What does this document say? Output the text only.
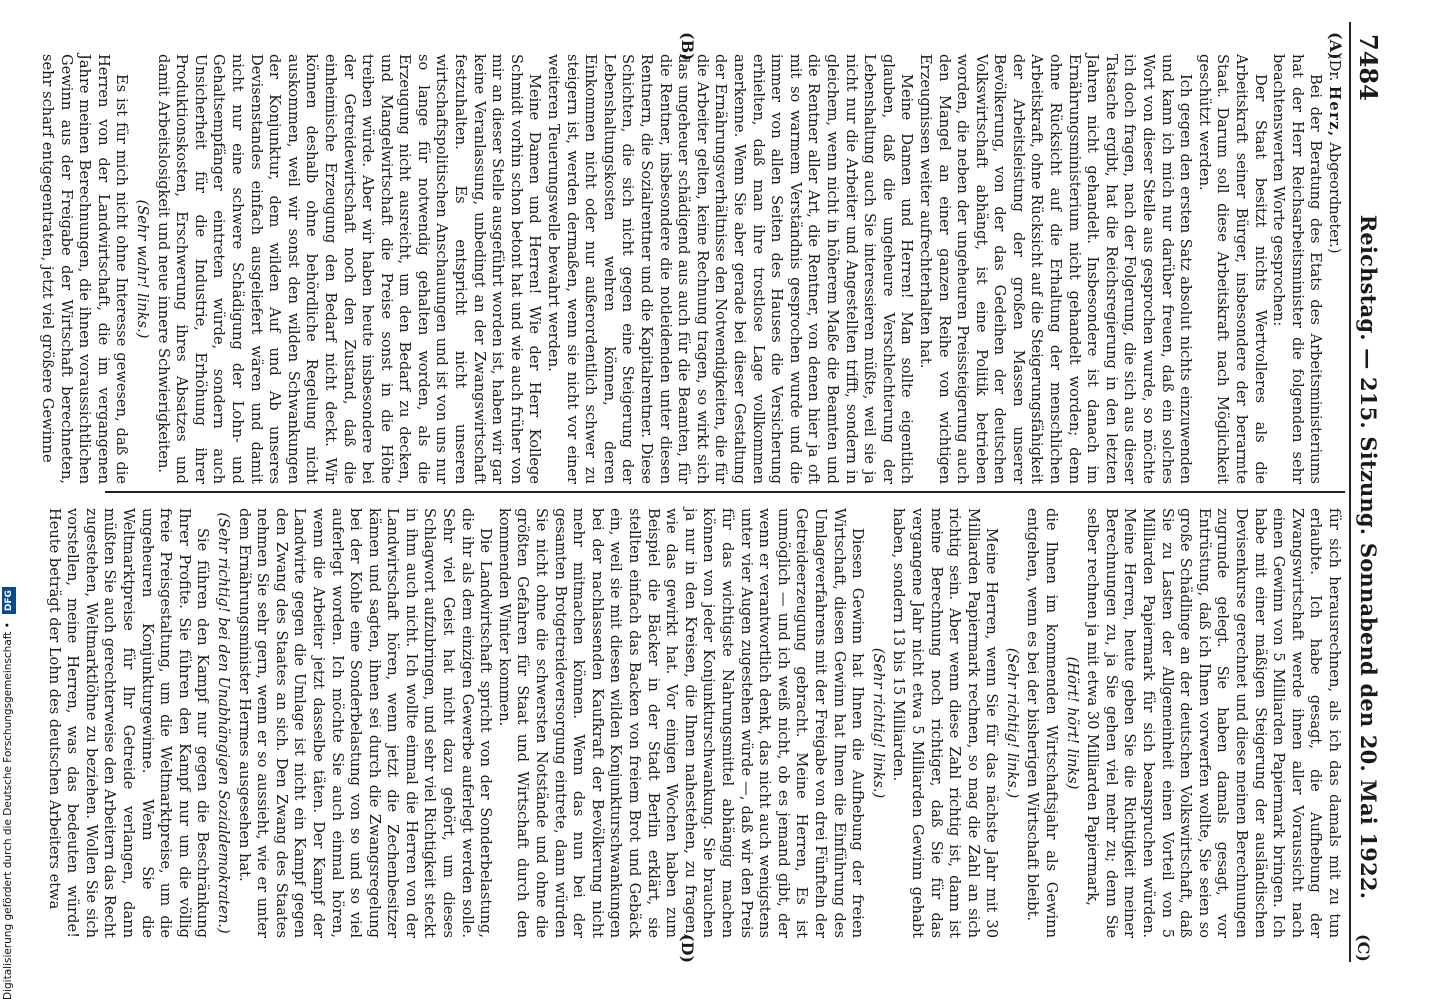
7484
Reichstag. — 215. Sitzung. Sonnabend den 20. Mai 1922.
(A)
(B)
(C)
(D)

(Dr. Herz, Abgeordneter.)

Bei der Beratung des Etats des Arbeitsministeriums hat der Herr Reichsarbeitsminister die folgenden sehr beachtenswerten Worte gesprochen:

Der Staat besitzt nichts Wertvolleres als die Arbeitskraft seiner Bürger, insbesondere der berarmte Staat. Darum soll diese Arbeitskraft nach Möglichkeit geschützt werden.

Ich gegen den ersten Satz absolut nichts einzuwenden und kann ich mich nur darüber freuen, daß ein solches Wort von dieser Stelle aus gesprochen wurde, so möchte ich doch fragen, nach der Folgerung, die sich aus dieser Tatsache ergibt, hat die Reichsregierung in den letzten Jahren nicht gehandelt. Insbesondere ist danach im Ernährungsministerium nicht gehandelt worden; denn ohne Rücksicht auf die Erhaltung der menschlichen Arbeitskraft, ohne Rücksicht auf die Steigerungsfähigkeit der Arbeitsleistung der großen Massen unserer Bevölkerung, von der das Gedeihen der deutschen Volkswirtschaft abhängt, ist eine Politik betrieben worden, die neben der ungeheuren Preissteigerung auch den Mangel an einer ganzen Reihe von wichtigen Erzeugnissen weiter aufrechterhalten hat.

Meine Damen und Herren! Man sollte eigentlich glauben, daß die ungeheure Verschlechterung der Lebenshaltung auch Sie interessieren müßte, weil sie ja nicht nur die Arbeiter und Angestellten trifft, sondern in gleichem, wenn nicht in höherem Maße die Beamten und die Rentner aller Art, die Rentner, von denen hier ja oft mit so warmem Verständnis gesprochen wurde und die immer von allen Seiten des Hauses die Versicherung erhielten, daß man ihre trostlose Lage vollkommen anerkenne. Wenn Sie aber gerade bei dieser Gestaltung der Ernährungsverhältnisse den Notwendigkeiten, die für die Arbeiter gelten, keine Rechnung tragen, so wirkt sich das ungeheuer schädigend aus auch für die Beamten, für die Rentner, insbesondere die notleidenden unter diesen Rentnern, die Sozialrentner und die Kapitalrentner. Diese Schichten, die sich nicht gegen eine Steigerung der Lebenshaltungskosten wehren können, deren Einkommen nicht oder nur außerordentlich schwer zu steigern ist, werden dermaßen, wenn sie nicht vor einer weiteren Teuerungswelle bewahrt werden.

Meine Damen und Herren! Wie der Herr Kollege Schmidt vorhin schon betont hat und wie auch früher von mir an dieser Stelle ausgeführt worden ist, haben wir gar keine Veranlassung, unbedingt an der Zwangswirtschaft festzuhalten. Es entspricht nicht unseren wirtschaftspolitischen Anschauungen und ist von uns nur so lange für notwendig gehalten worden, als die Erzeugung nicht ausreicht, um den Bedarf zu decken, und Mangelwirtschaft die Preise sonst in die Höhe treiben würde. Aber wir haben heute insbesondere bei der Getreidewirtschaft noch den Zustand, daß die einheimische Erzeugung den Bedarf nicht deckt. Wir können deshalb ohne behördliche Regelung nicht auskommen, weil wir sonst den wilden Schwankungen der Konjunktur, dem wilden Auf und Ab unseres Devisenstandes einfach ausgeliefert wären und damit nicht nur eine schwere Schädigung der Lohn- und Gehaltsempfänger eintreten würde, sondern auch Unsicherheit für die Industrie, Erhöhung ihrer Produktionskosten, Erschwerung ihres Absatzes und damit Arbeitslosigkeit und neue innere Schwierigkeiten.

(Sehr wahr! links.)

Es ist für mich nicht ohne Interesse gewesen, daß die Herren von der Landwirtschaft, die im vergangenen Jahre meinen Berechnungen, die ihnen voraussichtlichen Gewinn aus der Freigabe der Wirtschaft berechneten, sehr scharf entgegentraten, jetzt viel größere Gewinne

für sich herausrechnen, als ich das damals mit zu tun erlaubte. Ich habe gesagt, die Aufhebung der Zwangswirtschaft werde ihnen aller Voraussicht nach einen Gewinn von 5 Milliarden Papiermark bringen. Ich habe mit einer mäßigen Steigerung der ausländischen Devisenkurse gerechnet und diese meinen Berechnungen zugrunde gelegt. Sie haben damals gesagt, vor Entrüstung, daß ich Ihnen vorwerfen wollte, Sie seien so große Schädlinge an der deutschen Volkswirtschaft, daß Sie zu Lasten der Allgemeinheit einen Vorteil von 5 Milliarden Papiermark für sich beanspruchen würden. Meine Herren, heute geben Sie die Richtigkeit meiner Berechnungen zu, ja Sie gehen viel mehr zu; denn Sie selber rechnen ja mit etwa 30 Milliarden Papiermark,

(Hört! hört! links)

die Ihnen im kommenden Wirtschaftsjahr als Gewinn entgehen, wenn es bei der bisherigen Wirtschaft bleibt.

(Sehr richtig! links.)

Meine Herren, wenn Sie für das nächste Jahr mit 30 Milliarden Papiermark rechnen, so mag die Zahl an sich richtig sein. Aber wenn diese Zahl richtig ist, dann ist meine Berechnung noch richtiger, daß Sie für das vergangene Jahr nicht etwa 5 Milliarden Gewinn gehabt haben, sondern 13 bis 15 Milliarden.

(Sehr richtig! links.)

Diesen Gewinn hat Ihnen die Aufhebung der freien Wirtschaft, diesen Gewinn hat Ihnen die Einführung des Umlageverfahrens mit der Freigabe von drei Fünfteln der Getreideerzeugung gebracht. Meine Herren, Es ist unmöglich — und ich weiß nicht, ob es jemand gibt, der wenn er verantwortlich denkt, das nicht auch wenigstens unter vier Augen zugestehen würde —, daß wir den Preis für das wichtigste Nahrungsmittel abhängig machen können von jeder Konjunkturschwankung. Sie brauchen ja nur in den Kreisen, die Ihnen nahestehen, zu fragen, wie das gewirkt hat. Vor einigen Wochen haben zum Beispiel die Bäcker in der Stadt Berlin erklärt, sie stellten einfach das Backen von freiem Brot und Gebäck ein, weil sie mit diesen wilden Konjunkturschwankungen bei der nachlassenden Kaufkraft der Bevölkerung nicht mehr mitmachen können. Wenn das nun bei der gesamten Brotgetreideversorgung eintrete, dann würden Sie nicht ohne die schwersten Notstände und ohne die größten Gefahren für Staat und Wirtschaft durch den kommenden Winter kommen.

Die Landwirtschaft spricht von der Sonderbelastung, die ihr als dem einzigen Gewerbe auferlegt werden solle. Sehr viel Geist hat nicht dazu gehört, um dieses Schlagwort aufzubringen, und sehr viel Richtigkeit steckt in ihm auch nicht. Ich wollte einmal die Herren von der Landwirtschaft hören, wenn jetzt die Zechenbesitzer kämen und sagten, ihnen sei durch die Zwangsregelung bei der Kohle eine Sonderbelastung von so und so viel auferlegt worden. Ich möchte Sie auch einmal hören, wenn die Arbeiter jetzt dasselbe täten. Der Kampf der Landwirte gegen die Umlage ist nicht ein Kampf gegen den Zwang des Staates an sich. Den Zwang des Staates nehmen Sie sehr gern, wenn er so aussieht, wie er unter dem Ernährungsminister Hermes ausgesehen hat.

(Sehr richtig! bei den Unabhängigen Sozialdemokraten.)

Sie führen den Kampf nur gegen die Beschränkung Ihrer Profite. Sie führen den Kampf nur um die völlig freie Preisgestaltung, um die Weltmarktpreise, um die ungeheuren Konjunkturgewinne. Wenn Sie die Weltmarktpreise für Ihr Getreide verlangen, dann müßten Sie auch gerechterweise den Arbeitern das Recht zugestehen, Weltmarktlöhne zu beziehen. Wollen Sie sich vorstellen, meine Herren, was das bedeuten würde! Heute beträgt der Lohn des deutschen Arbeiters etwa

Digitalisierung gefördert durch die Deutsche Forschungsgemeinschaft •DFG
